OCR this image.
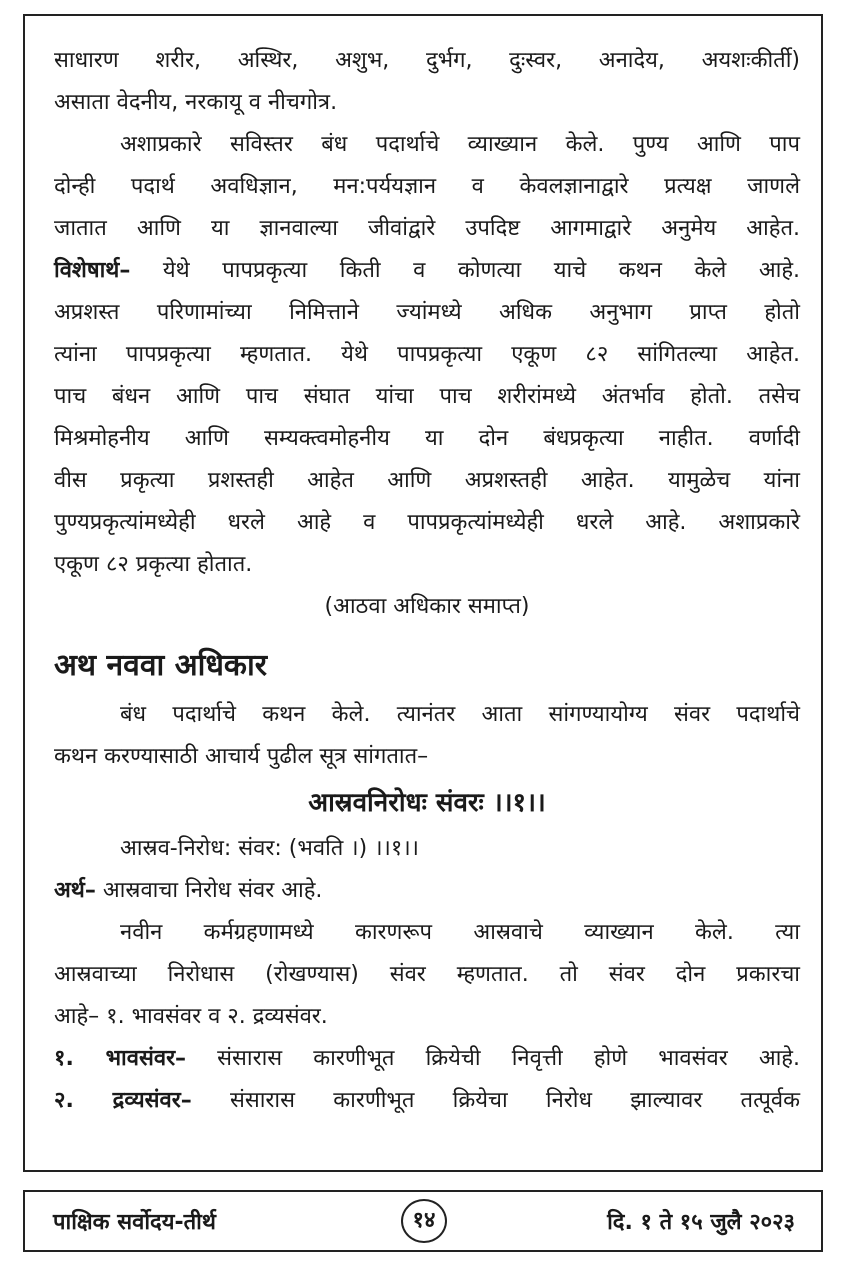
साधारण शरीर, अस्थिर, अशुभ, दुर्भग, दुःस्वर, अनादेय, अयशःकीर्ती)
असाता वेदनीय, नरकायू व नीचगोत्र.
अशाप्रकारे सविस्तर बंध पदार्थाचे व्याख्यान केले. पुण्य आणि पाप
दोन्ही पदार्थ अवधिज्ञान, मन:पर्ययज्ञान व केवलज्ञानाद्वारे प्रत्यक्ष जाणले
जातात आणि या ज्ञानवाल्या जीवांद्वारे उपदिष्ट आगमाद्वारे अनुमेय आहेत.
विशेषार्थ– येथे पापप्रकृत्या किती व कोणत्या याचे कथन केले आहे.
अप्रशस्त परिणामांच्या निमित्ताने ज्यांमध्ये अधिक अनुभाग प्राप्त होतो
त्यांना पापप्रकृत्या म्हणतात. येथे पापप्रकृत्या एकूण ८२ सांगितल्या आहेत.
पाच बंधन आणि पाच संघात यांचा पाच शरीरांमध्ये अंतर्भाव होतो. तसेच
मिश्रमोहनीय आणि सम्यक्त्वमोहनीय या दोन बंधप्रकृत्या नाहीत. वर्णादी
वीस प्रकृत्या प्रशस्तही आहेत आणि अप्रशस्तही आहेत. यामुळेच यांना
पुण्यप्रकृत्यांमध्येही धरले आहे व पापप्रकृत्यांमध्येही धरले आहे. अशाप्रकारे
एकूण ८२ प्रकृत्या होतात.
(आठवा अधिकार समाप्त)
अथ नववा अधिकार
बंध पदार्थाचे कथन केले. त्यानंतर आता सांगण्यायोग्य संवर पदार्थाचे
कथन करण्यासाठी आचार्य पुढील सूत्र सांगतात–
आस्रवनिरोधः संवरः ।।१।।
आस्रव-निरोध: संवर: (भवति ।) ।।१।।
अर्थ– आस्रवाचा निरोध संवर आहे.
नवीन कर्मग्रहणामध्ये कारणरूप आस्रवाचे व्याख्यान केले. त्या
आस्रवाच्या निरोधास (रोखण्यास) संवर म्हणतात. तो संवर दोन प्रकारचा
आहे– १. भावसंवर व २. द्रव्यसंवर.
१. भावसंवर– संसारास कारणीभूत क्रियेची निवृत्ती होणे भावसंवर आहे.
२. द्रव्यसंवर– संसारास कारणीभूत क्रियेचा निरोध झाल्यावर तत्पूर्वक
पाक्षिक सर्वोदय-तीर्थ	१४	दि. १ ते १५ जुलै २०२३
